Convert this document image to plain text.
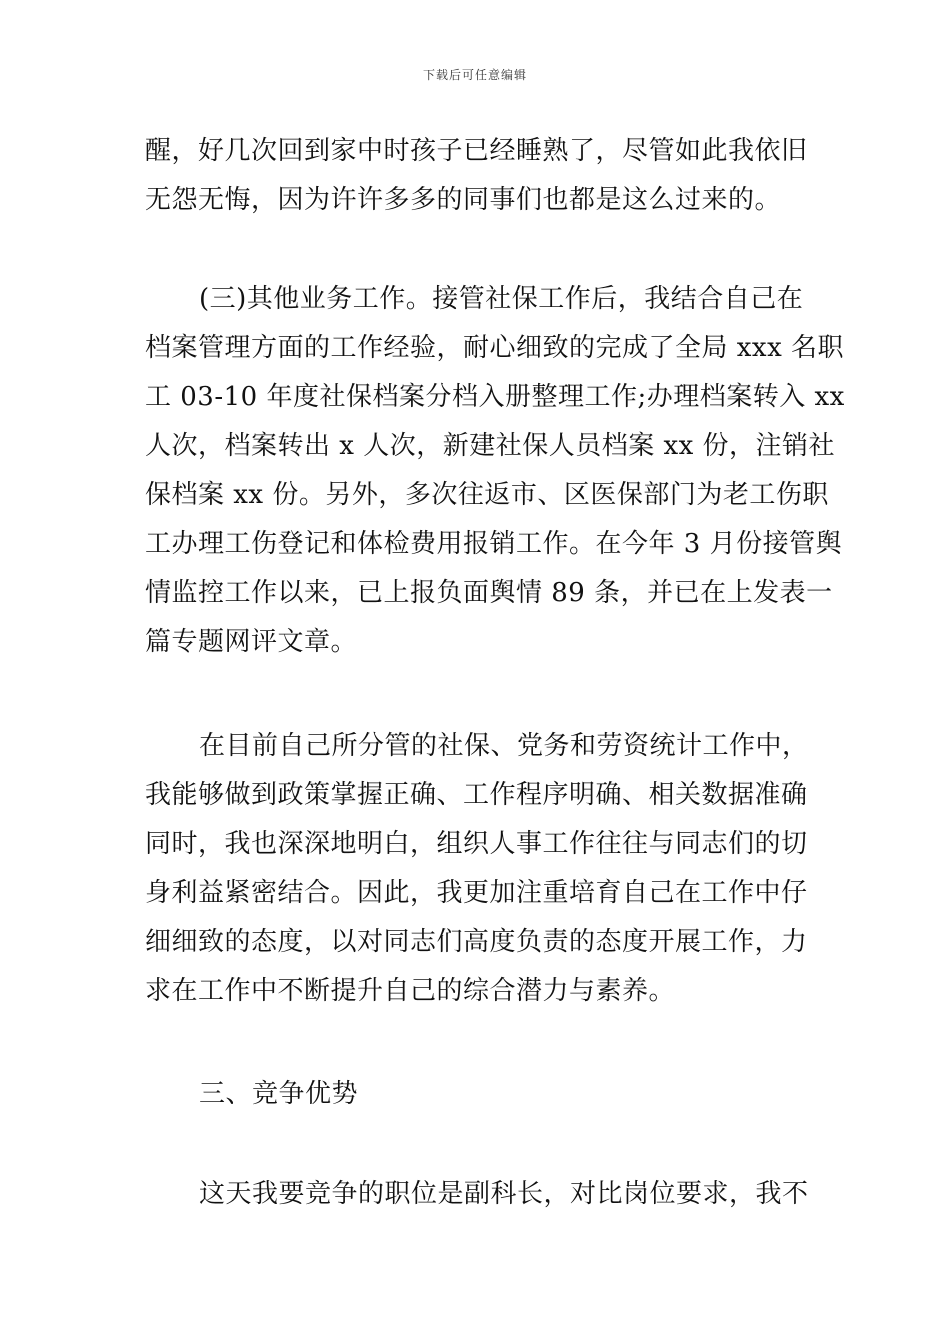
下载后可任意编辑
醒，好几次回到家中时孩子已经睡熟了，尽管如此我依旧
无怨无悔，因为许许多多的同事们也都是这么过来的。
(三)其他业务工作。接管社保工作后，我结合自己在
档案管理方面的工作经验，耐心细致的完成了全局 xxx 名职
工 03-10 年度社保档案分档入册整理工作;办理档案转入 xx
人次，档案转出 x 人次，新建社保人员档案 xx 份，注销社
保档案 xx 份。另外，多次往返市、区医保部门为老工伤职
工办理工伤登记和体检费用报销工作。在今年 3 月份接管舆
情监控工作以来，已上报负面舆情 89 条，并已在上发表一
篇专题网评文章。
在目前自己所分管的社保、党务和劳资统计工作中，
我能够做到政策掌握正确、工作程序明确、相关数据准确
同时，我也深深地明白，组织人事工作往往与同志们的切
身利益紧密结合。因此，我更加注重培育自己在工作中仔
细细致的态度，以对同志们高度负责的态度开展工作，力
求在工作中不断提升自己的综合潜力与素养。
三、竞争优势
这天我要竞争的职位是副科长，对比岗位要求，我不
